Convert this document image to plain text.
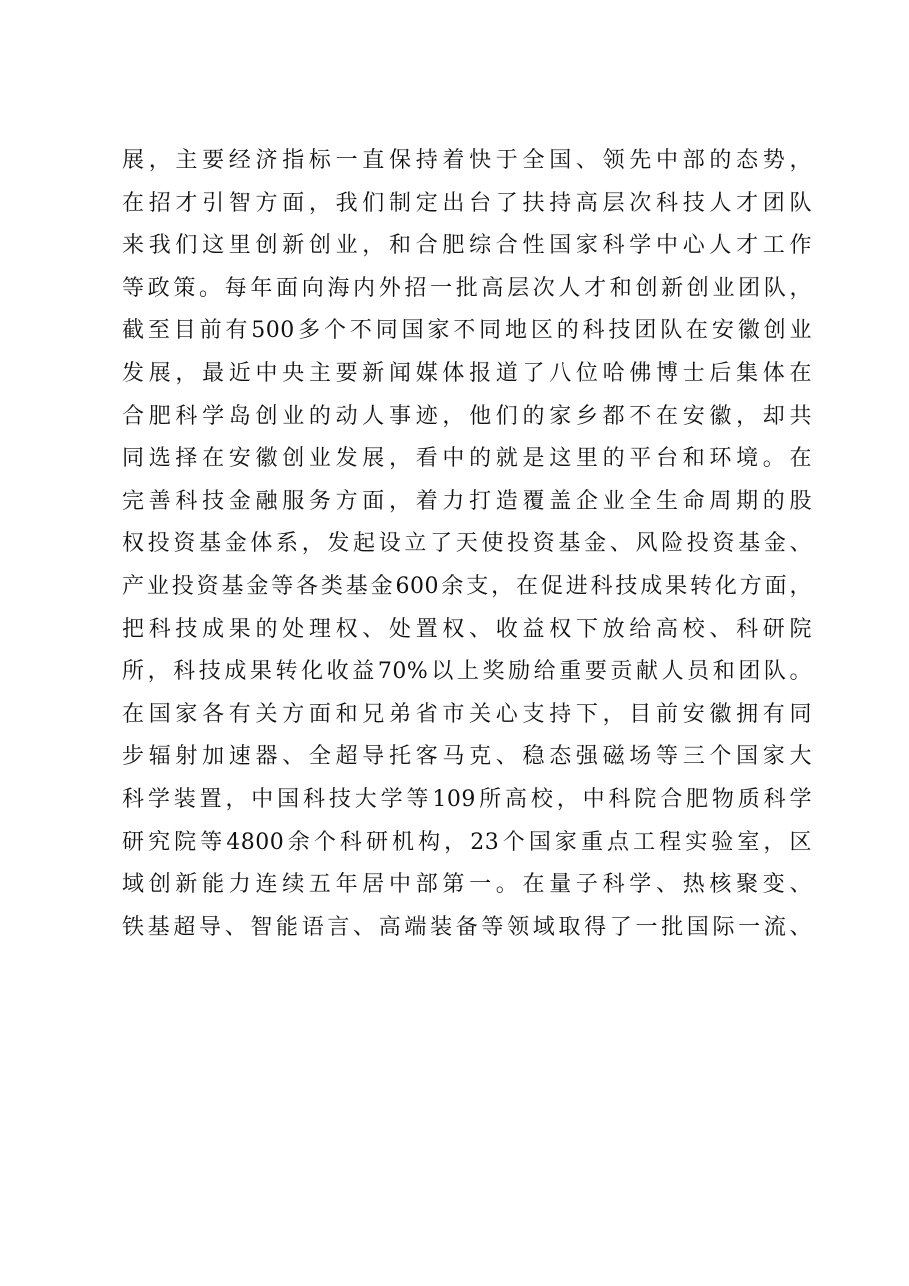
展，主要经济指标一直保持着快于全国、领先中部的态势，
在招才引智方面，我们制定出台了扶持高层次科技人才团队
来我们这里创新创业，和合肥综合性国家科学中心人才工作
等政策。每年面向海内外招一批高层次人才和创新创业团队，
截至目前有500多个不同国家不同地区的科技团队在安徽创业
发展，最近中央主要新闻媒体报道了八位哈佛博士后集体在
合肥科学岛创业的动人事迹，他们的家乡都不在安徽，却共
同选择在安徽创业发展，看中的就是这里的平台和环境。在
完善科技金融服务方面，着力打造覆盖企业全生命周期的股
权投资基金体系，发起设立了天使投资基金、风险投资基金、
产业投资基金等各类基金600余支，在促进科技成果转化方面，
把科技成果的处理权、处置权、收益权下放给高校、科研院
所，科技成果转化收益70%以上奖励给重要贡献人员和团队。
在国家各有关方面和兄弟省市关心支持下，目前安徽拥有同
步辐射加速器、全超导托客马克、稳态强磁场等三个国家大
科学装置，中国科技大学等109所高校，中科院合肥物质科学
研究院等4800余个科研机构，23个国家重点工程实验室，区
域创新能力连续五年居中部第一。在量子科学、热核聚变、
铁基超导、智能语言、高端装备等领域取得了一批国际一流、
